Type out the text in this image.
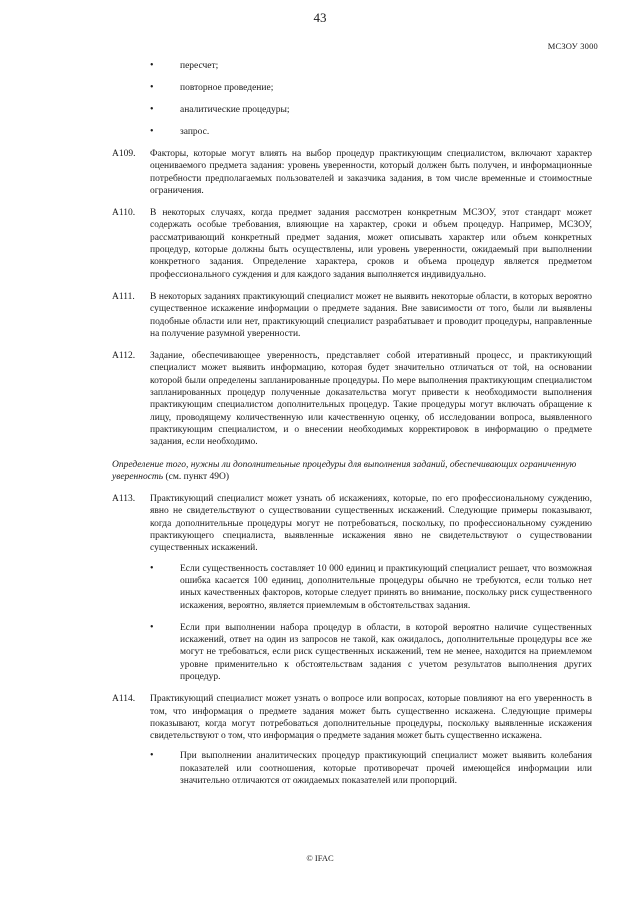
43
МСЗОУ 3000
•	пересчет;
•	повторное проведение;
•	аналитические процедуры;
•	запрос.
A109. Факторы, которые могут влиять на выбор процедур практикующим специалистом, включают характер оцениваемого предмета задания: уровень уверенности, который должен быть получен, и информационные потребности предполагаемых пользователей и заказчика задания, в том числе временные и стоимостные ограничения.
A110. В некоторых случаях, когда предмет задания рассмотрен конкретным МСЗОУ, этот стандарт может содержать особые требования, влияющие на характер, сроки и объем процедур. Например, МСЗОУ, рассматривающий конкретный предмет задания, может описывать характер или объем конкретных процедур, которые должны быть осуществлены, или уровень уверенности, ожидаемый при выполнении конкретного задания. Определение характера, сроков и объема процедур является предметом профессионального суждения и для каждого задания выполняется индивидуально.
A111. В некоторых заданиях практикующий специалист может не выявить некоторые области, в которых вероятно существенное искажение информации о предмете задания. Вне зависимости от того, были ли выявлены подобные области или нет, практикующий специалист разрабатывает и проводит процедуры, направленные на получение разумной уверенности.
A112. Задание, обеспечивающее уверенность, представляет собой итеративный процесс, и практикующий специалист может выявить информацию, которая будет значительно отличаться от той, на основании которой были определены запланированные процедуры. По мере выполнения практикующим специалистом запланированных процедур полученные доказательства могут привести к необходимости выполнения практикующим специалистом дополнительных процедур. Такие процедуры могут включать обращение к лицу, проводящему количественную или качественную оценку, об исследовании вопроса, выявленного практикующим специалистом, и о внесении необходимых корректировок в информацию о предмете задания, если необходимо.
Определение того, нужны ли дополнительные процедуры для выполнения заданий, обеспечивающих ограниченную уверенность (см. пункт 49О)
A113. Практикующий специалист может узнать об искажениях, которые, по его профессиональному суждению, явно не свидетельствуют о существовании существенных искажений. Следующие примеры показывают, когда дополнительные процедуры могут не потребоваться, поскольку, по профессиональному суждению практикующего специалиста, выявленные искажения явно не свидетельствуют о существовании существенных искажений.
•	Если существенность составляет 10 000 единиц и практикующий специалист решает, что возможная ошибка касается 100 единиц, дополнительные процедуры обычно не требуются, если только нет иных качественных факторов, которые следует принять во внимание, поскольку риск существенного искажения, вероятно, является приемлемым в обстоятельствах задания.
•	Если при выполнении набора процедур в области, в которой вероятно наличие существенных искажений, ответ на один из запросов не такой, как ожидалось, дополнительные процедуры все же могут не требоваться, если риск существенных искажений, тем не менее, находится на приемлемом уровне применительно к обстоятельствам задания с учетом результатов выполнения других процедур.
A114. Практикующий специалист может узнать о вопросе или вопросах, которые повлияют на его уверенность в том, что информация о предмете задания может быть существенно искажена. Следующие примеры показывают, когда могут потребоваться дополнительные процедуры, поскольку выявленные искажения свидетельствуют о том, что информация о предмете задания может быть существенно искажена.
•	При выполнении аналитических процедур практикующий специалист может выявить колебания показателей или соотношения, которые противоречат прочей имеющейся информации или значительно отличаются от ожидаемых показателей или пропорций.
© IFAC
